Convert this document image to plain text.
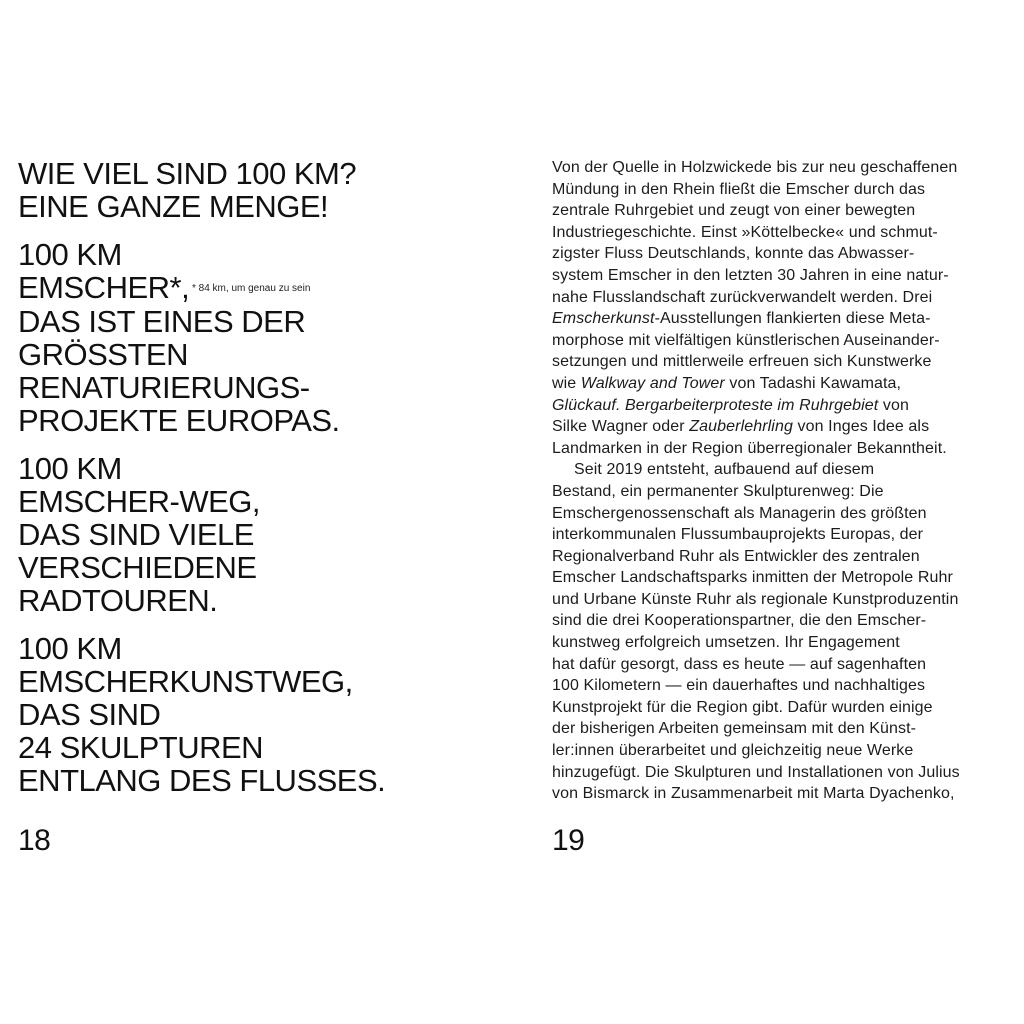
WIE VIEL SIND 100 KM?
EINE GANZE MENGE!
100 KM
EMSCHER*, $^{* 84 km, um genau zu sein}$
DAS IST EINES DER
GRÖSSTEN
RENATURIERUNGS-
PROJEKTE EUROPAS.
100 KM
EMSCHER-WEG,
DAS SIND VIELE
VERSCHIEDENE
RADTOUREN.
100 KM
EMSCHERKUNSTWEG,
DAS SIND
24 SKULPTUREN
ENTLANG DES FLUSSES.
18
Von der Quelle in Holzwickede bis zur neu geschaffenen
Mündung in den Rhein fließt die Emscher durch das
zentrale Ruhrgebiet und zeugt von einer bewegten
Industriegeschichte. Einst »Köttelbecke« und schmut-
zigster Fluss Deutschlands, konnte das Abwasser-
system Emscher in den letzten 30 Jahren in eine natur-
nahe Flusslandschaft zurückverwandelt werden. Drei
Emscherkunst-Ausstellungen flankierten diese Meta-
morphose mit vielfältigen künstlerischen Auseinander-
setzungen und mittlerweile erfreuen sich Kunstwerke
wie Walkway and Tower von Tadashi Kawamata,
Glückauf. Bergarbeiterproteste im Ruhrgebiet von
Silke Wagner oder Zauberlehrling von Inges Idee als
Landmarken in der Region überregionaler Bekanntheit.
Seit 2019 entsteht, aufbauend auf diesem
Bestand, ein permanenter Skulpturenweg: Die
Emschergenossenschaft als Managerin des größten
interkommunalen Flussumbauprojekts Europas, der
Regionalverband Ruhr als Entwickler des zentralen
Emscher Landschaftsparks inmitten der Metropole Ruhr
und Urbane Künste Ruhr als regionale Kunstproduzentin
sind die drei Kooperationspartner, die den Emscher-
kunstweg erfolgreich umsetzen. Ihr Engagement
hat dafür gesorgt, dass es heute — auf sagenhaften
100 Kilometern — ein dauerhaftes und nachhaltiges
Kunstprojekt für die Region gibt. Dafür wurden einige
der bisherigen Arbeiten gemeinsam mit den Künst-
ler:innen überarbeitet und gleichzeitig neue Werke
hinzugefügt. Die Skulpturen und Installationen von Julius
von Bismarck in Zusammenarbeit mit Marta Dyachenko,
19
